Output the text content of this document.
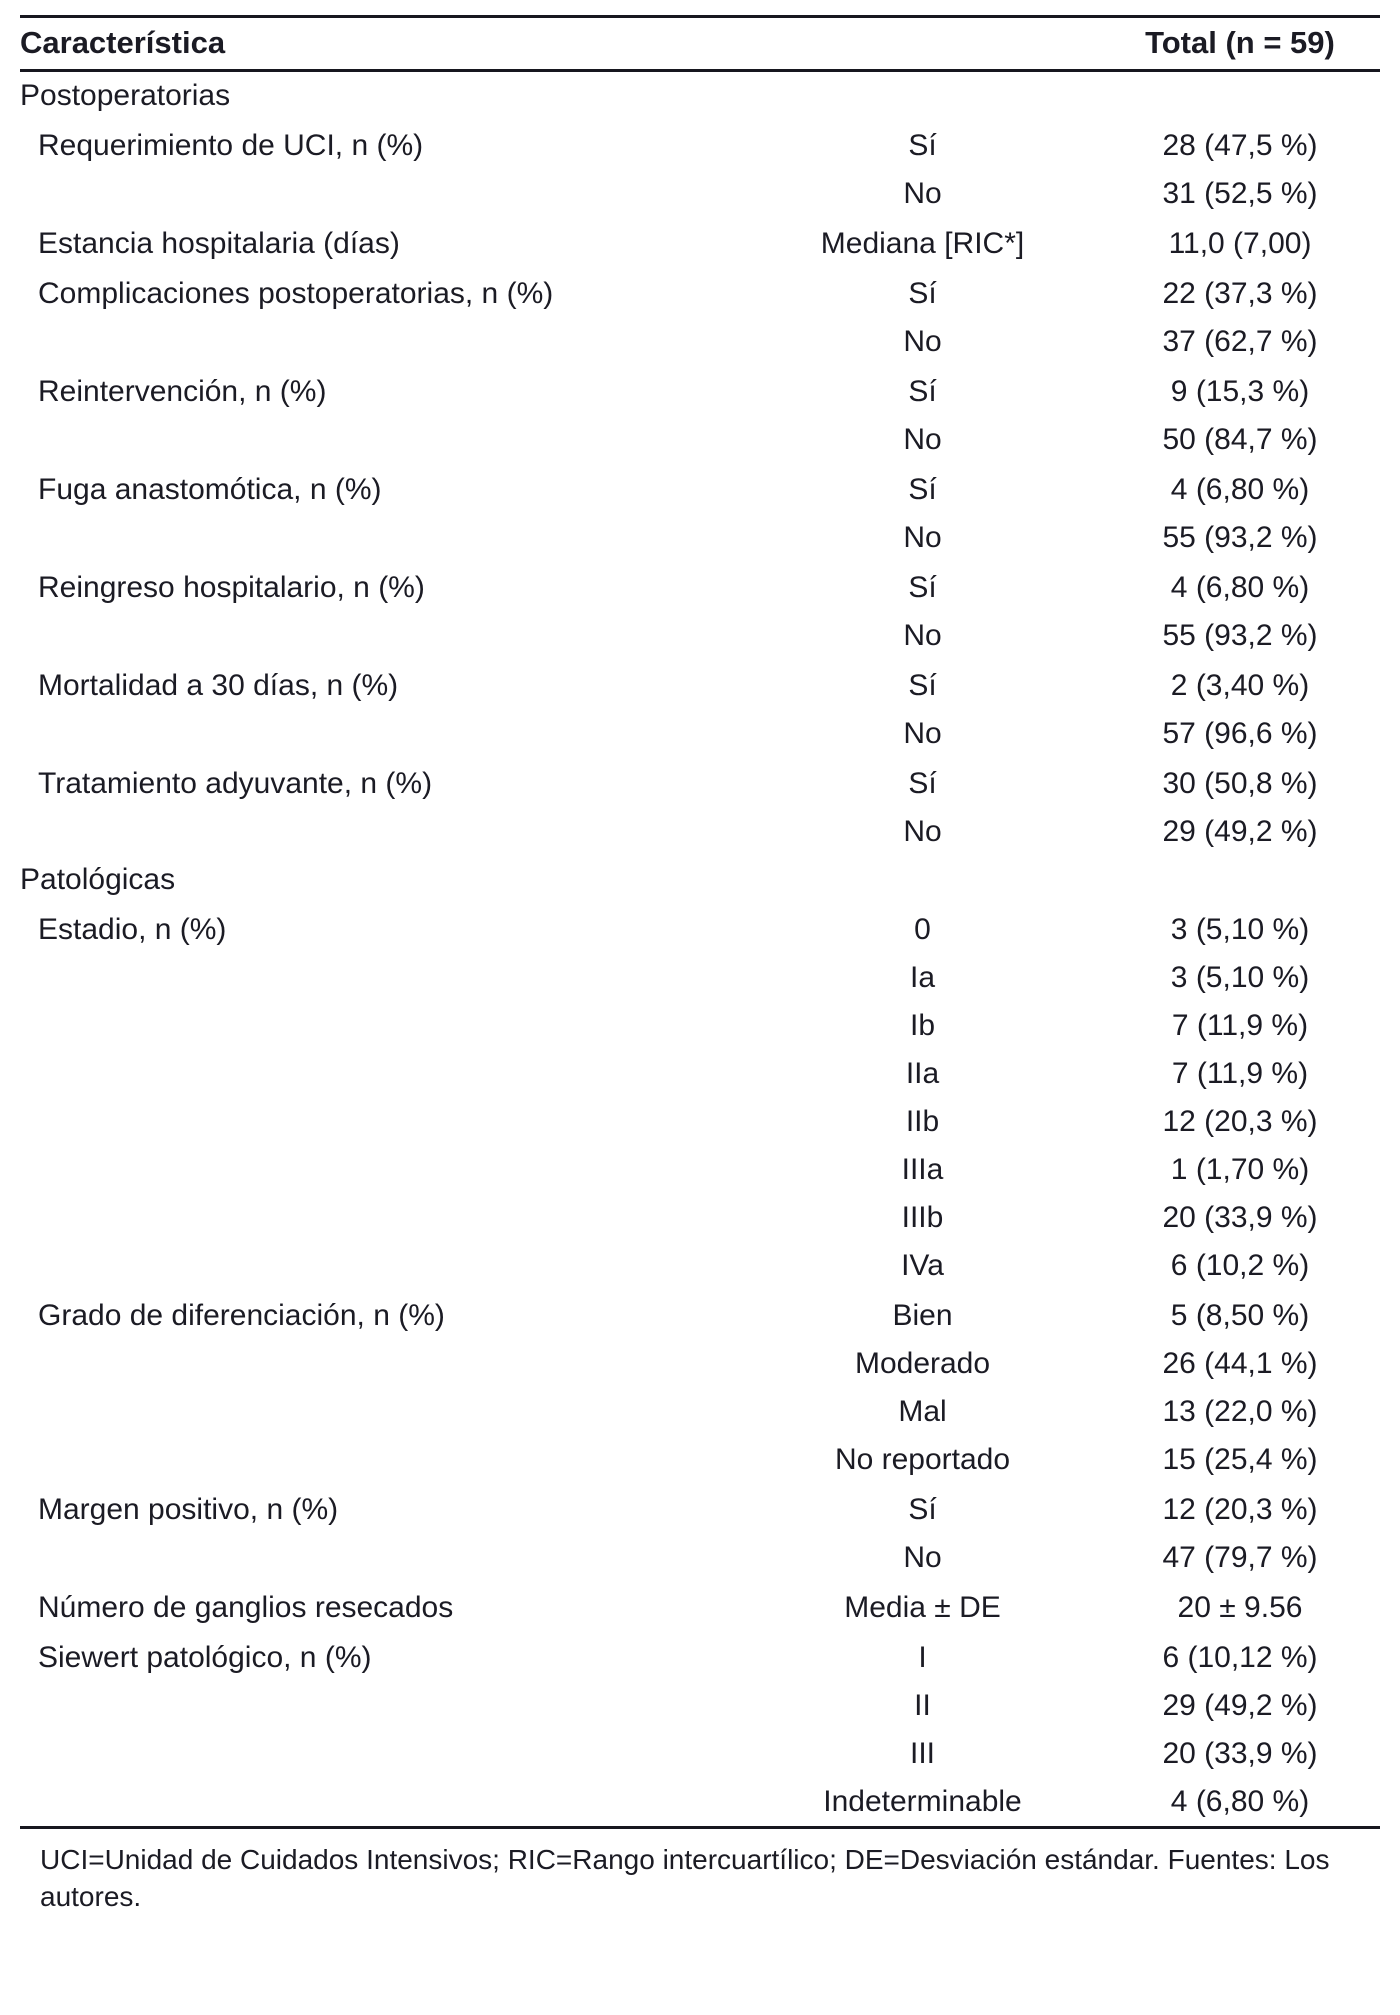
Característica		Total (n = 59)
Postoperatorias		
Requerimiento de UCI, n (%)	Sí	28 (47,5 %)
	No	31 (52,5 %)
Estancia hospitalaria (días)	Mediana [RIC*]	11,0 (7,00)
Complicaciones postoperatorias, n (%)	Sí	22 (37,3 %)
	No	37 (62,7 %)
Reintervención, n (%)	Sí	9 (15,3 %)
	No	50 (84,7 %)
Fuga anastomótica, n (%)	Sí	4 (6,80 %)
	No	55 (93,2 %)
Reingreso hospitalario, n (%)	Sí	4 (6,80 %)
	No	55 (93,2 %)
Mortalidad a 30 días, n (%)	Sí	2 (3,40 %)
	No	57 (96,6 %)
Tratamiento adyuvante, n (%)	Sí	30 (50,8 %)
	No	29 (49,2 %)
Patológicas		
Estadio, n (%)	0	3 (5,10 %)
	Ia	3 (5,10 %)
	Ib	7 (11,9 %)
	IIa	7 (11,9 %)
	IIb	12 (20,3 %)
	IIIa	1 (1,70 %)
	IIIb	20 (33,9 %)
	IVa	6 (10,2 %)
Grado de diferenciación, n (%)	Bien	5 (8,50 %)
	Moderado	26 (44,1 %)
	Mal	13 (22,0 %)
	No reportado	15 (25,4 %)
Margen positivo, n (%)	Sí	12 (20,3 %)
	No	47 (79,7 %)
Número de ganglios resecados	Media ± DE	20 ± 9.56
Siewert patológico, n (%)	I	6 (10,12 %)
	II	29 (49,2 %)
	III	20 (33,9 %)
	Indeterminable	4 (6,80 %)

UCI=Unidad de Cuidados Intensivos; RIC=Rango intercuartílico; DE=Desviación estándar. Fuentes: Los autores.
